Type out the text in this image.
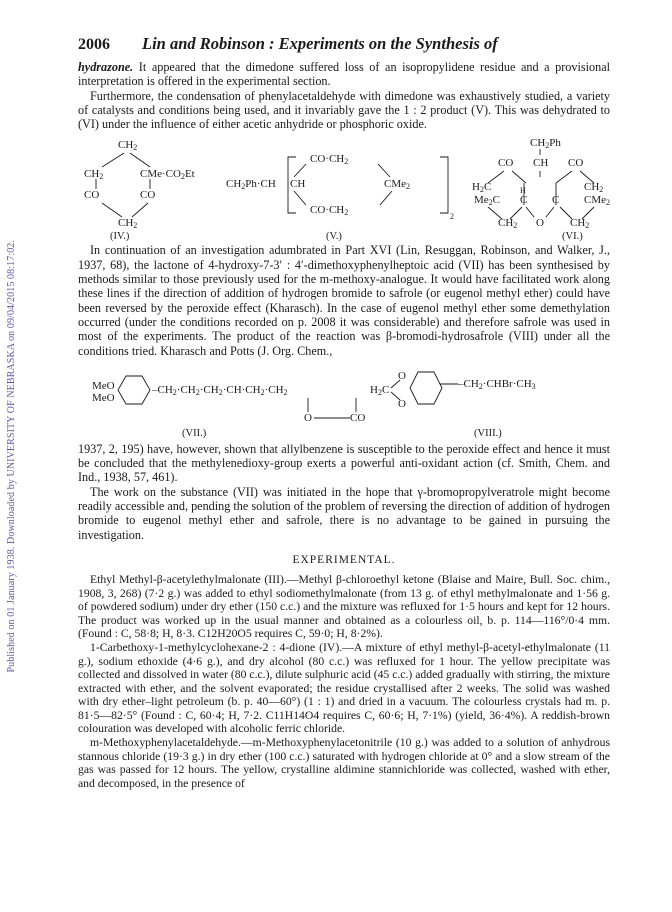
Published on 01 January 1938. Downloaded by UNIVERSITY OF NEBRASKA on 09/04/2015 08:17:02.
2006	Lin and Robinson : Experiments on the Synthesis of

hydrazone. It appeared that the dimedone suffered loss of an isopropylidene residue and a provisional interpretation is offered in the experimental section.

Furthermore, the condensation of phenylacetaldehyde with dimedone was exhaustively studied, a variety of catalysts and conditions being used, and it invariably gave the 1 : 2 product (V). This was dehydrated to (VI) under the influence of either acetic anhydride or phosphoric oxide.

$CH_2$
$CH_2$	$CMe\cdot CO_2Et$
CO	CO
$CH_2$
(IV.)
$CO\cdot CH_2$
$CH_2Ph\cdot CH$ CH	CMe$_2$
$CO\cdot CH_2$	2
(V.)
$CH_2Ph$
CO CH CO
$H_2C$	H	$CH_2$
$Me_2C$ C C CMe$_2$
$CH_2$ O $CH_2$
(VI.)

In continuation of an investigation adumbrated in Part XVI (Lin, Resuggan, Robinson, and Walker, J., 1937, 68), the lactone of 4-hydroxy-7-3′ : 4′-dimethoxyphenylheptoic acid (VII) has been synthesised by methods similar to those previously used for the m-methoxy-analogue. It would have facilitated work along these lines if the direction of addition of hydrogen bromide to safrole (or eugenol methyl ether) could have been reversed by the peroxide effect (Kharasch). In the case of eugenol methyl ether some demethylation occurred (under the conditions recorded on p. 2008 it was considerable) and therefore safrole was used in most of the experiments. The product of the reaction was β-bromodi-hydrosafrole (VIII) under all the conditions tried. Kharasch and Potts (J. Org. Chem.,

MeO
MeO
$-CH_2\cdot CH_2\cdot CH_2\cdot CH\cdot CH_2\cdot CH_2$
O	CO
(VII.)
$H_2C$
O
O
$-CH_2\cdot CHBr\cdot CH_3$
(VIII.)

1937, 2, 195) have, however, shown that allylbenzene is susceptible to the peroxide effect and hence it must be concluded that the methylenedioxy-group exerts a powerful anti-oxidant action (cf. Smith, Chem. and Ind., 1938, 57, 461).

The work on the substance (VII) was initiated in the hope that γ-bromopropylveratrole might become readily accessible and, pending the solution of the problem of reversing the direction of addition of hydrogen bromide to eugenol methyl ether and safrole, there is no advantage to be gained in pursuing the investigation.

EXPERIMENTAL.

Ethyl Methyl-β-acetylethylmalonate (III).—Methyl β-chloroethyl ketone (Blaise and Maire, Bull. Soc. chim., 1908, 3, 268) (7·2 g.) was added to ethyl sodiomethylmalonate (from 13 g. of ethyl methylmalonate and 1·56 g. of powdered sodium) under dry ether (150 c.c.) and the mixture was refluxed for 1·5 hours and kept for 12 hours. The product was worked up in the usual manner and obtained as a colourless oil, b. p. 114—116°/0·4 mm. (Found : C, 58·8; H, 8·3. C12H20O5 requires C, 59·0; H, 8·2%).

1-Carbethoxy-1-methylcyclohexane-2 : 4-dione (IV).—A mixture of ethyl methyl-β-acetyl-ethylmalonate (11 g.), sodium ethoxide (4·6 g.), and dry alcohol (80 c.c.) was refluxed for 1 hour. The yellow precipitate was collected and dissolved in water (80 c.c.), dilute sulphuric acid (45 c.c.) added gradually with stirring, the mixture extracted with ether, and the solvent evaporated; the residue crystallised after 2 weeks. The solid was washed with dry ether–light petroleum (b. p. 40—60°) (1 : 1) and dried in a vacuum. The colourless crystals had m. p. 81·5—82·5° (Found : C, 60·4; H, 7·2. C11H14O4 requires C, 60·6; H, 7·1%) (yield, 36·4%). A reddish-brown colouration was developed with alcoholic ferric chloride.

m-Methoxyphenylacetaldehyde.—m-Methoxyphenylacetonitrile (10 g.) was added to a solution of anhydrous stannous chloride (19·3 g.) in dry ether (100 c.c.) saturated with hydrogen chloride at 0° and a slow stream of the gas was passed for 12 hours. The yellow, crystalline aldimine stannichloride was collected, washed with ether, and decomposed, in the presence of
